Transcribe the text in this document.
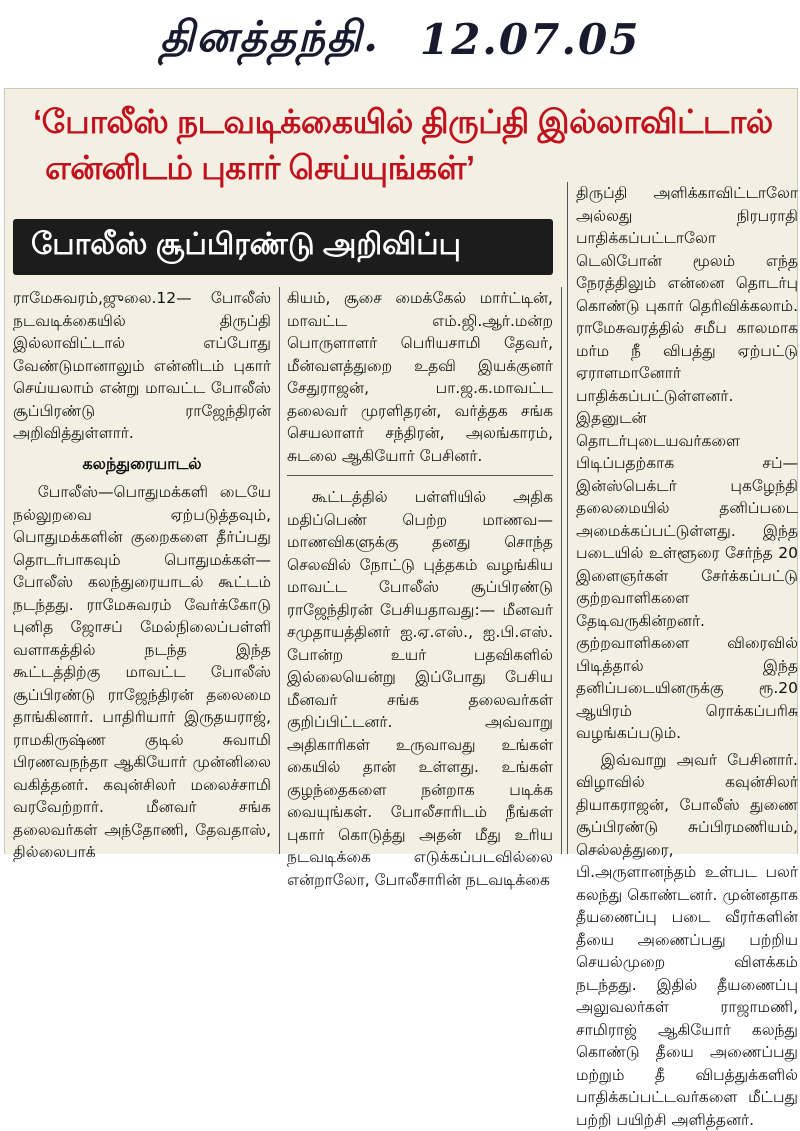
தினத்தந்தி. 12.07.05
‘போலீஸ் நடவடிக்கையில் திருப்தி இல்லாவிட்டால்
என்னிடம் புகார் செய்யுங்கள்’
போலீஸ் சூப்பிரண்டு அறிவிப்பு

ராமேசுவரம்,ஜுலை.12— போலீஸ் நடவடிக்கையில் திருப்தி இல்லாவிட்டால் எப்போது வேண்டுமானாலும் என்னிடம் புகார் செய்யலாம் என்று மாவட்ட போலீஸ் சூப்பிரண்டு ராஜேந்திரன் அறிவித்துள்ளார்.

கலந்துரையாடல்

போலீஸ்—பொதுமக்களி டையே நல்லுறவை ஏற்படுத்தவும், பொதுமக்களின் குறைகளை தீர்ப்பது தொடர்பாகவும் பொதுமக்கள்—போலீஸ் கலந்துரையாடல் கூட்டம் நடந்தது. ராமேசுவரம் வேர்க்கோடு புனித ஜோசப் மேல்நிலைப்பள்ளி வளாகத்தில் நடந்த இந்த கூட்டத்திற்கு மாவட்ட போலீஸ் சூப்பிரண்டு ராஜேந்திரன் தலைமை தாங்கினார். பாதிரியார் இருதயராஜ், ராமகிருஷ்ண குடில் சுவாமி பிரணவநந்தா ஆகியோர் முன்னிலை வகித்தனர். கவுன்சிலர் மலைச்சாமி வரவேற்றார். மீனவர் சங்க தலைவர்கள் அந்தோணி, தேவதாஸ், தில்லைபாக்

கியம், சூசை மைக்கேல் மார்ட்டின், மாவட்ட எம்.ஜி.ஆர்.மன்ற பொருளாளர் பெரியசாமி தேவர், மீன்வளத்துறை உதவி இயக்குனர் சேதுராஜன், பா.ஜ.க.மாவட்ட தலைவர் முரளிதரன், வர்த்தக சங்க செயலாளர் சந்திரன், அலங்காரம், சுடலை ஆகியோர் பேசினர்.

கூட்டத்தில் பள்ளியில் அதிக மதிப்பெண் பெற்ற மாணவ— மாணவிகளுக்கு தனது சொந்த செலவில் நோட்டு புத்தகம் வழங்கிய மாவட்ட போலீஸ் சூப்பிரண்டு ராஜேந்திரன் பேசியதாவது:— மீனவர் சமுதாயத்தினர் ஐ.ஏ.எஸ்., ஐ.பி.எஸ். போன்ற உயர் பதவிகளில் இல்லையென்று இப்போது பேசிய மீனவர் சங்க தலைவர்கள் குறிப்பிட்டனர். அவ்வாறு அதிகாரிகள் உருவாவது உங்கள் கையில் தான் உள்ளது. உங்கள் குழந்தைகளை நன்றாக படிக்க வையுங்கள். போலீசாரிடம் நீங்கள் புகார் கொடுத்து அதன் மீது உரிய நடவடிக்கை எடுக்கப்படவில்லை என்றாலோ, போலீசாரின் நடவடிக்கை

திருப்தி அளிக்காவிட்டாலோ அல்லது நிரபராதி பாதிக்கப்பட்டாலோ டெலிபோன் மூலம் எந்த நேரத்திலும் என்னை தொடர்பு கொண்டு புகார் தெரிவிக்கலாம். ராமேசுவரத்தில் சமீப காலமாக மர்ம நீ விபத்து ஏற்பட்டு ஏராளமானோர் பாதிக்கப்பட்டுள்ளனர். இதனுடன் தொடர்புடையவர்களை பிடிப்பதற்காக சப்—இன்ஸ்பெக்டர் புகழேந்தி தலைமையில் தனிப்படை அமைக்கப்பட்டுள்ளது. இந்த படையில் உள்ளூரை சேர்ந்த 20 இளைஞர்கள் சேர்க்கப்பட்டு குற்றவாளிகளை தேடிவருகின்றனர். குற்றவாளிகளை விரைவில் பிடித்தால் இந்த தனிப்படையினருக்கு ரூ.20 ஆயிரம் ரொக்கப்பரிசு வழங்கப்படும்.

இவ்வாறு அவர் பேசினார். விழாவில் கவுன்சிலர் தியாகராஜன், போலீஸ் துணை சூப்பிரண்டு சுப்பிரமணியம், செல்லத்துரை, பி.அருளானந்தம் உள்பட பலர் கலந்து கொண்டனர். முன்னதாக தீயணைப்பு படை வீரர்களின் தீயை அணைப்பது பற்றிய செயல்முறை விளக்கம் நடந்தது. இதில் தீயணைப்பு அலுவலர்கள் ராஜாமணி, சாமிராஜ் ஆகியோர் கலந்து கொண்டு தீயை அணைப்பது மற்றும் தீ விபத்துக்களில் பாதிக்கப்பட்டவர்களை மீட்பது பற்றி பயிற்சி அளித்தனர்.
